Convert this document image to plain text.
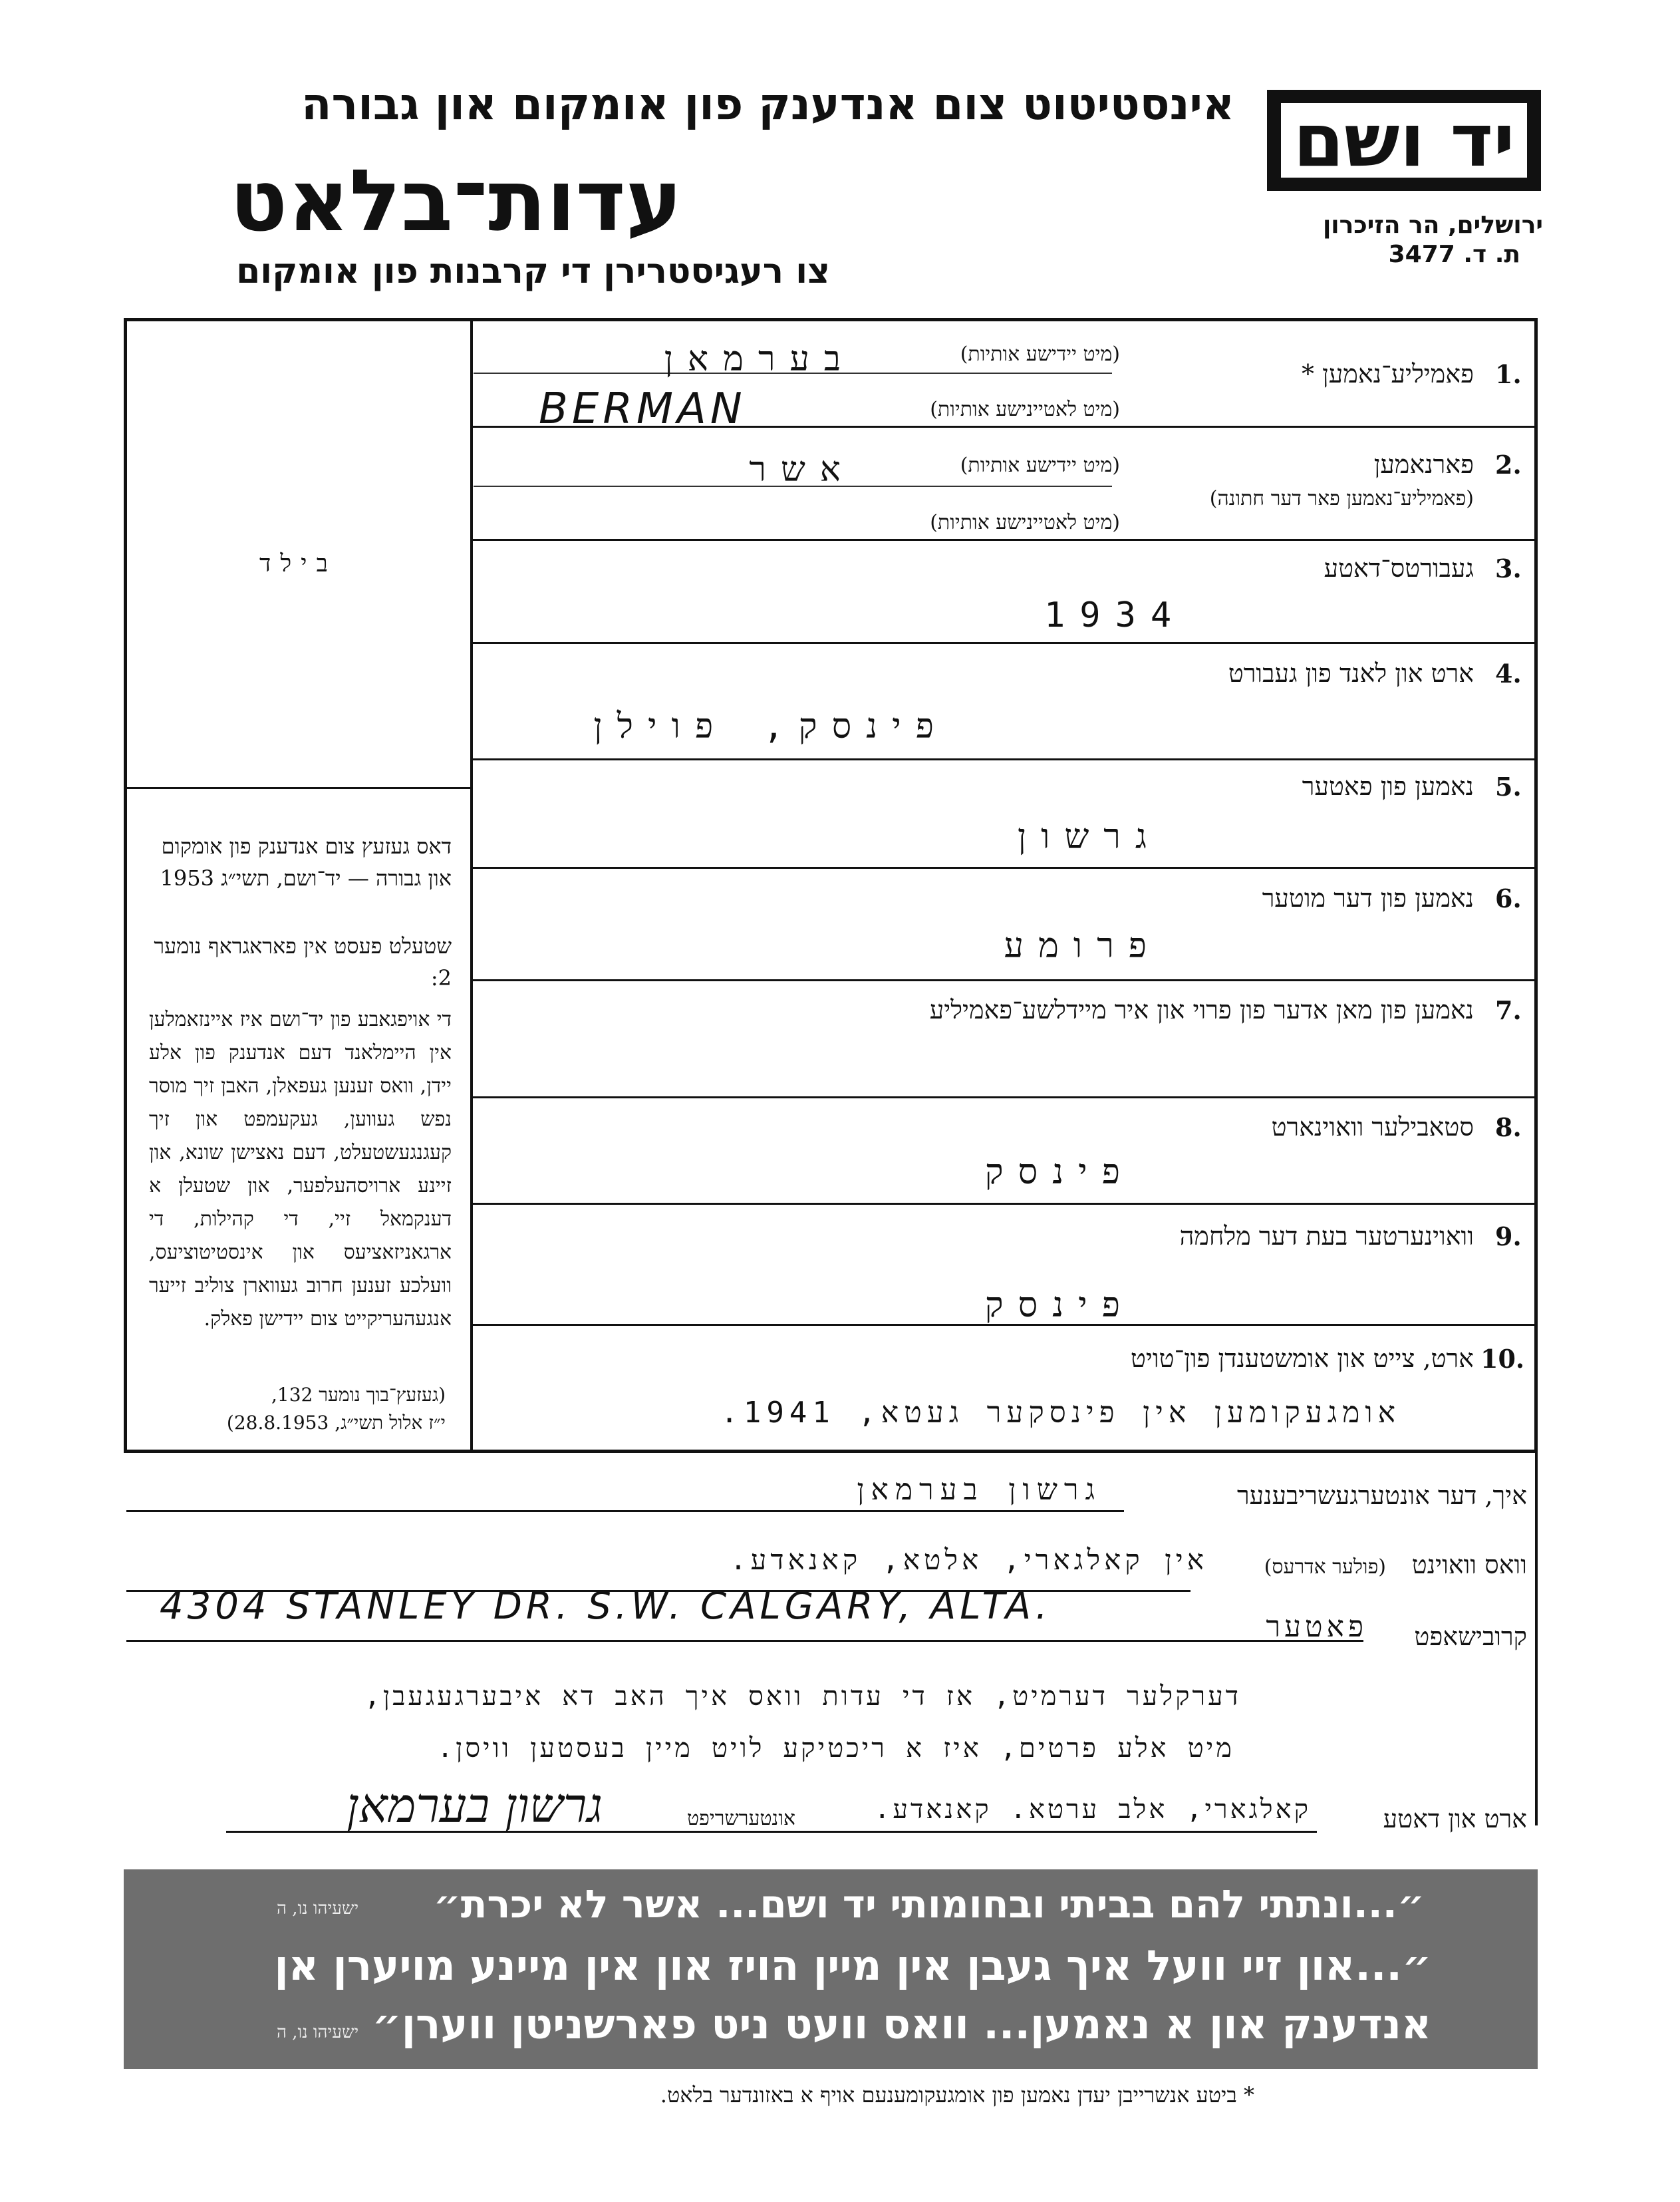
אינסטיטוט צום אנדענק פון אומקום און גבורה
עדות־בלאט
צו רעגיסטרירן די קרבנות פון אומקום
יד ושם
ירושלים, הר הזיכרון
ת. ד. 3477
בילד
דאס געזעץ צום אנדענק פון אומקום און גבורה — יד־ושם, תשי״ג 1953
שטעלט פעסט אין פאראגראף נומער 2:
די אויפגאבע פון יד־ושם איז איינזאמלען אין היימלאנד דעם אנדענק פון אלע יידן, וואס זענען געפאלן, האבן זיך מוסר נפש געווען, געקעמפט און זיך קעגנגעשטעלט, דעם נאצישן שונא, און זיינע ארויסהעלפער, און שטעלן א דענקמאל זיי, די קהילות, די ארגאניזאציעס און אינסטיטוציעס, וועלכע זענען חרוב געווארן צוליב זייער אנגעהעריקייט צום יידישן פאלק.
(געזעץ־בוך נומער 132,
י״ז אלול תשי״ג, 28.8.1953)
1.
פאמיליע־נאמען *
(מיט יידישע אותיות)
(מיט לאטיינישע אותיות)
בערמאן
BERMAN
2.
פארנאמען
(פאמיליע־נאמען פאר דער חתונה)
(מיט יידישע אותיות)
(מיט לאטיינישע אותיות)
אשר
3.
געבורטס־דאטע
1934
4.
ארט און לאנד פון געבורט
פינסק, פוילן
5.
נאמען פון פאטער
גרשון
6.
נאמען פון דער מוטער
פרומע
7.
נאמען פון מאן אדער פון פרוי און איר מיידלשע־פאמיליע
8.
סטאבילער וואוינארט
פינסק
9.
וואוינערטער בעת דער מלחמה
פינסק
10.
ארט, צייט און אומשטענדן פון־טויט
אומגעקומען אין פינסקער געטא, 1941.
איך, דער אונטערגעשריבענער
גרשון בערמאן
וואס וואוינט
(פולער אדרעס)
אין קאלגארי, אלטא, קאנאדע.
4304 STANLEY DR. S.W. CALGARY, ALTA.
קרובישאפט
פאטער
דערקלער דערמיט, אז די עדות וואס איך האב דא איבערגעגעבן,
מיט אלע פרטים, איז א ריכטיקע לויט מיין בעסטען וויסן.
ארט און דאטע
קאלגארי, אלב ערטא. קאנאדע.
אונטערשריפט
גרשון בערמאן
״...ונתתי להם בביתי ובחומותי יד ושם... אשר לא יכרת״
ישעיהו נו, ה
״...און זיי וועל איך געבן אין מיין הויז און אין מיינע מויערן אן
אנדענק און א נאמען... וואס וועט ניט פארשניטן ווערן״
ישעיהו נו, ה
* ביטע אנשרייבן יעדן נאמען פון אומגעקומענעם אויף א באזונדער בלאט.
